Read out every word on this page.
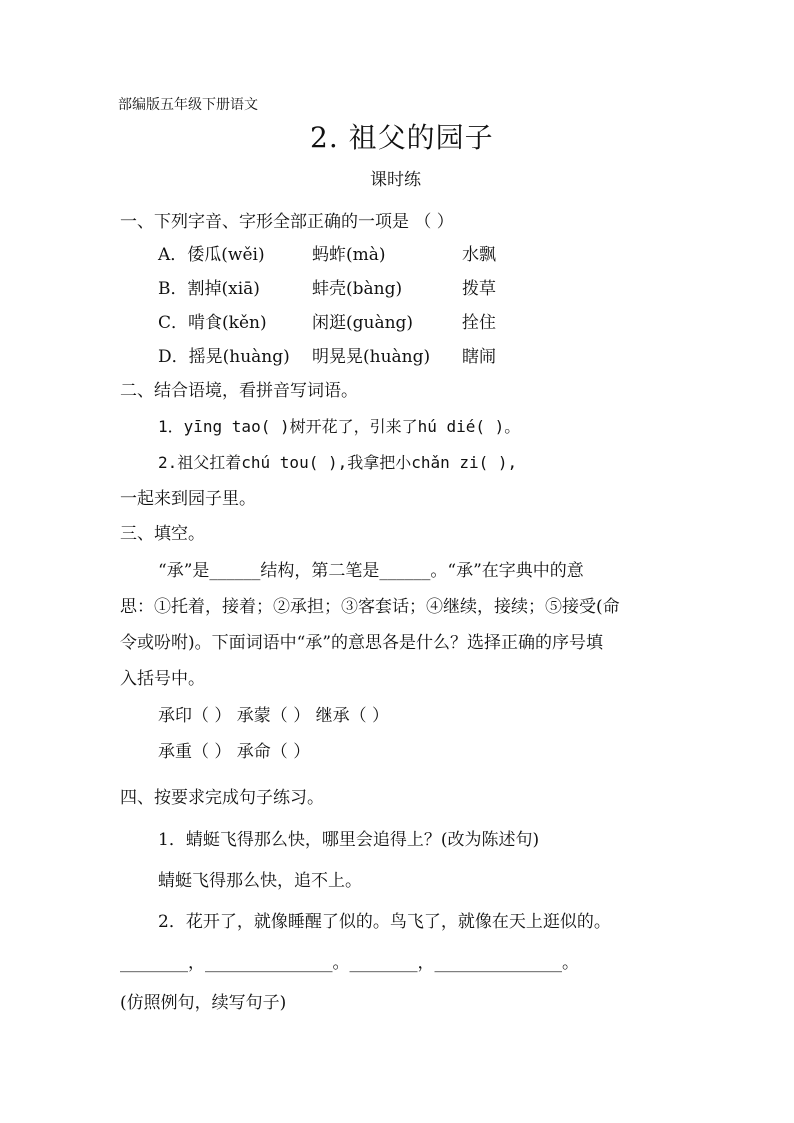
部编版五年级下册语文
2. 祖父的园子
课时练
一、下列字音、字形全部正确的一项是 （ ）
A．倭瓜(wěi)	蚂蚱(mà)	水飘
B．割掉(xiā)	蚌壳(bàng)	拨草
C．啃食(kěn)	闲逛(guàng)	拴住
D．摇晃(huàng) 明晃晃(huàng) 瞎闹
二、结合语境，看拼音写词语。
1．yīng tao( )树开花了，引来了hú dié( )。
2.祖父扛着chú tou( ),我拿把小chǎn zi( ),
一起来到园子里。
三、填空。
“承”是______结构，第二笔是______。“承”在字典中的意
思：①托着，接着；②承担；③客套话；④继续，接续；⑤接受(命
令或吩咐)。下面词语中“承”的意思各是什么？选择正确的序号填
入括号中。
承印（ ） 承蒙（ ） 继承（ ）
承重（ ） 承命（ ）
四、按要求完成句子练习。
1．蜻蜓飞得那么快，哪里会追得上？(改为陈述句)
蜻蜓飞得那么快，追不上。
2．花开了，就像睡醒了似的。鸟飞了，就像在天上逛似的。
________，_______________。________，_______________。
(仿照例句，续写句子)
